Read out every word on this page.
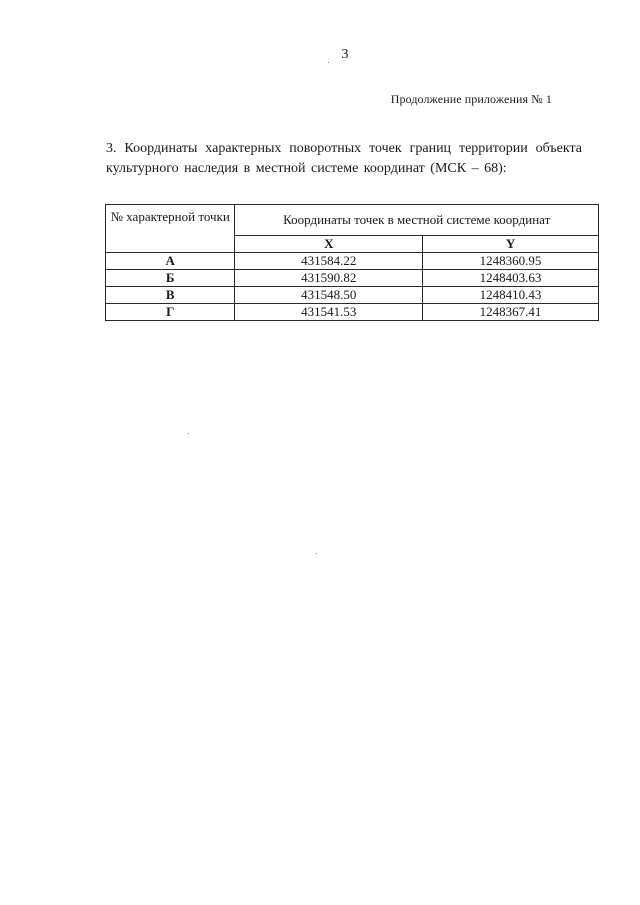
3
Продолжение приложения № 1
3. Координаты характерных поворотных точек границ территории объекта культурного наследия в местной системе координат (МСК – 68):
№ характерной точки	Координаты точек в местной системе координат	
	X	Y
А	431584.22	1248360.95
Б	431590.82	1248403.63
В	431548.50	1248410.43
Г	431541.53	1248367.41
